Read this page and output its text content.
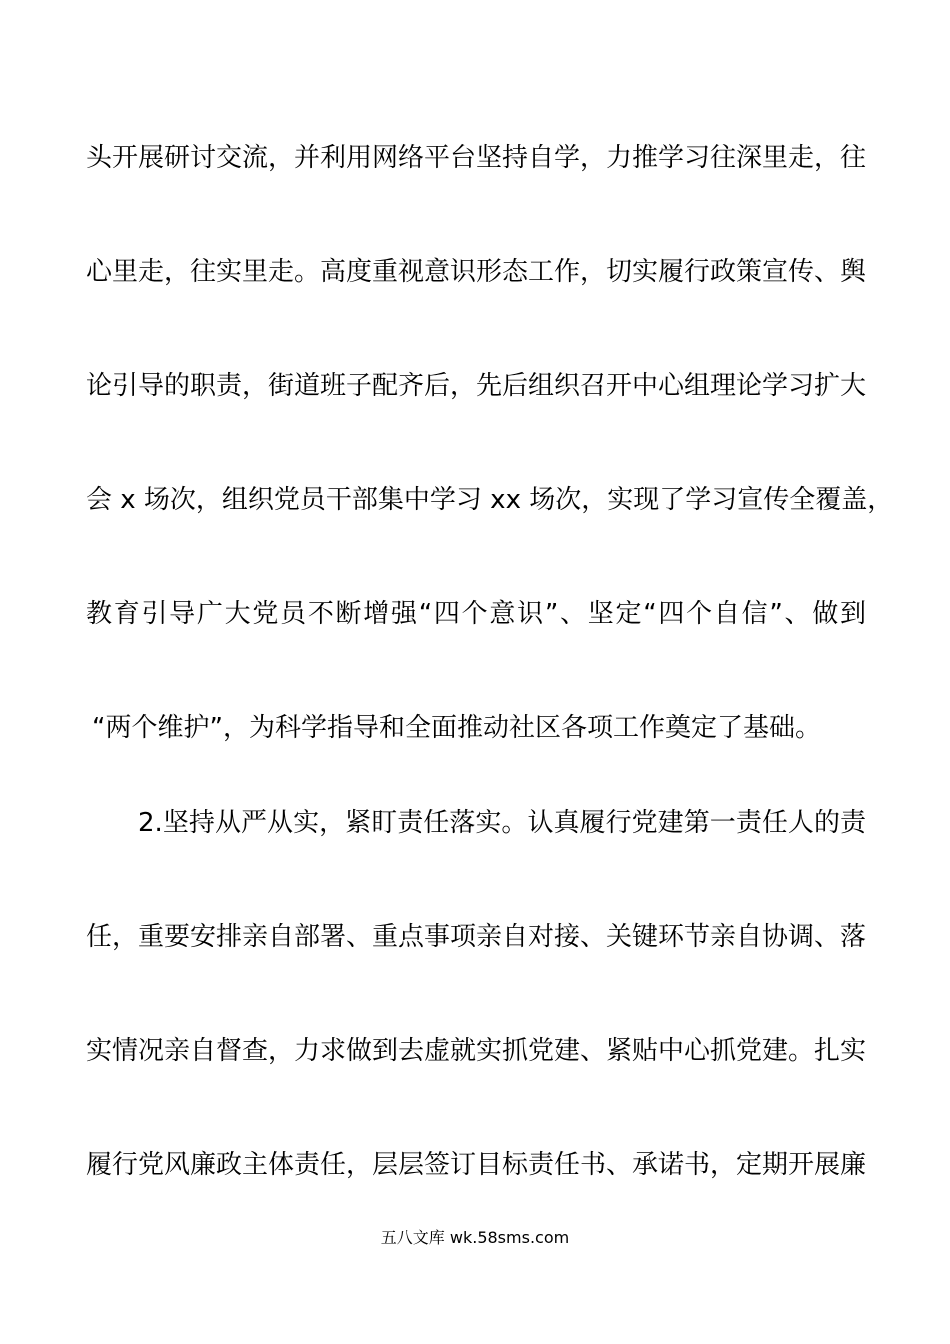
头开展研讨交流，并利用网络平台坚持自学，力推学习往深里走，往
心里走，往实里走。高度重视意识形态工作，切实履行政策宣传、舆
论引导的职责，街道班子配齐后，先后组织召开中心组理论学习扩大
会 x 场次，组织党员干部集中学习 xx 场次，实现了学习宣传全覆盖，
教育引导广大党员不断增强“四个意识”、坚定“四个自信”、做到
“两个维护”，为科学指导和全面推动社区各项工作奠定了基础。
2.坚持从严从实，紧盯责任落实。认真履行党建第一责任人的责
任，重要安排亲自部署、重点事项亲自对接、关键环节亲自协调、落
实情况亲自督查，力求做到去虚就实抓党建、紧贴中心抓党建。扎实
履行党风廉政主体责任，层层签订目标责任书、承诺书，定期开展廉
五八文库 wk.58sms.com
